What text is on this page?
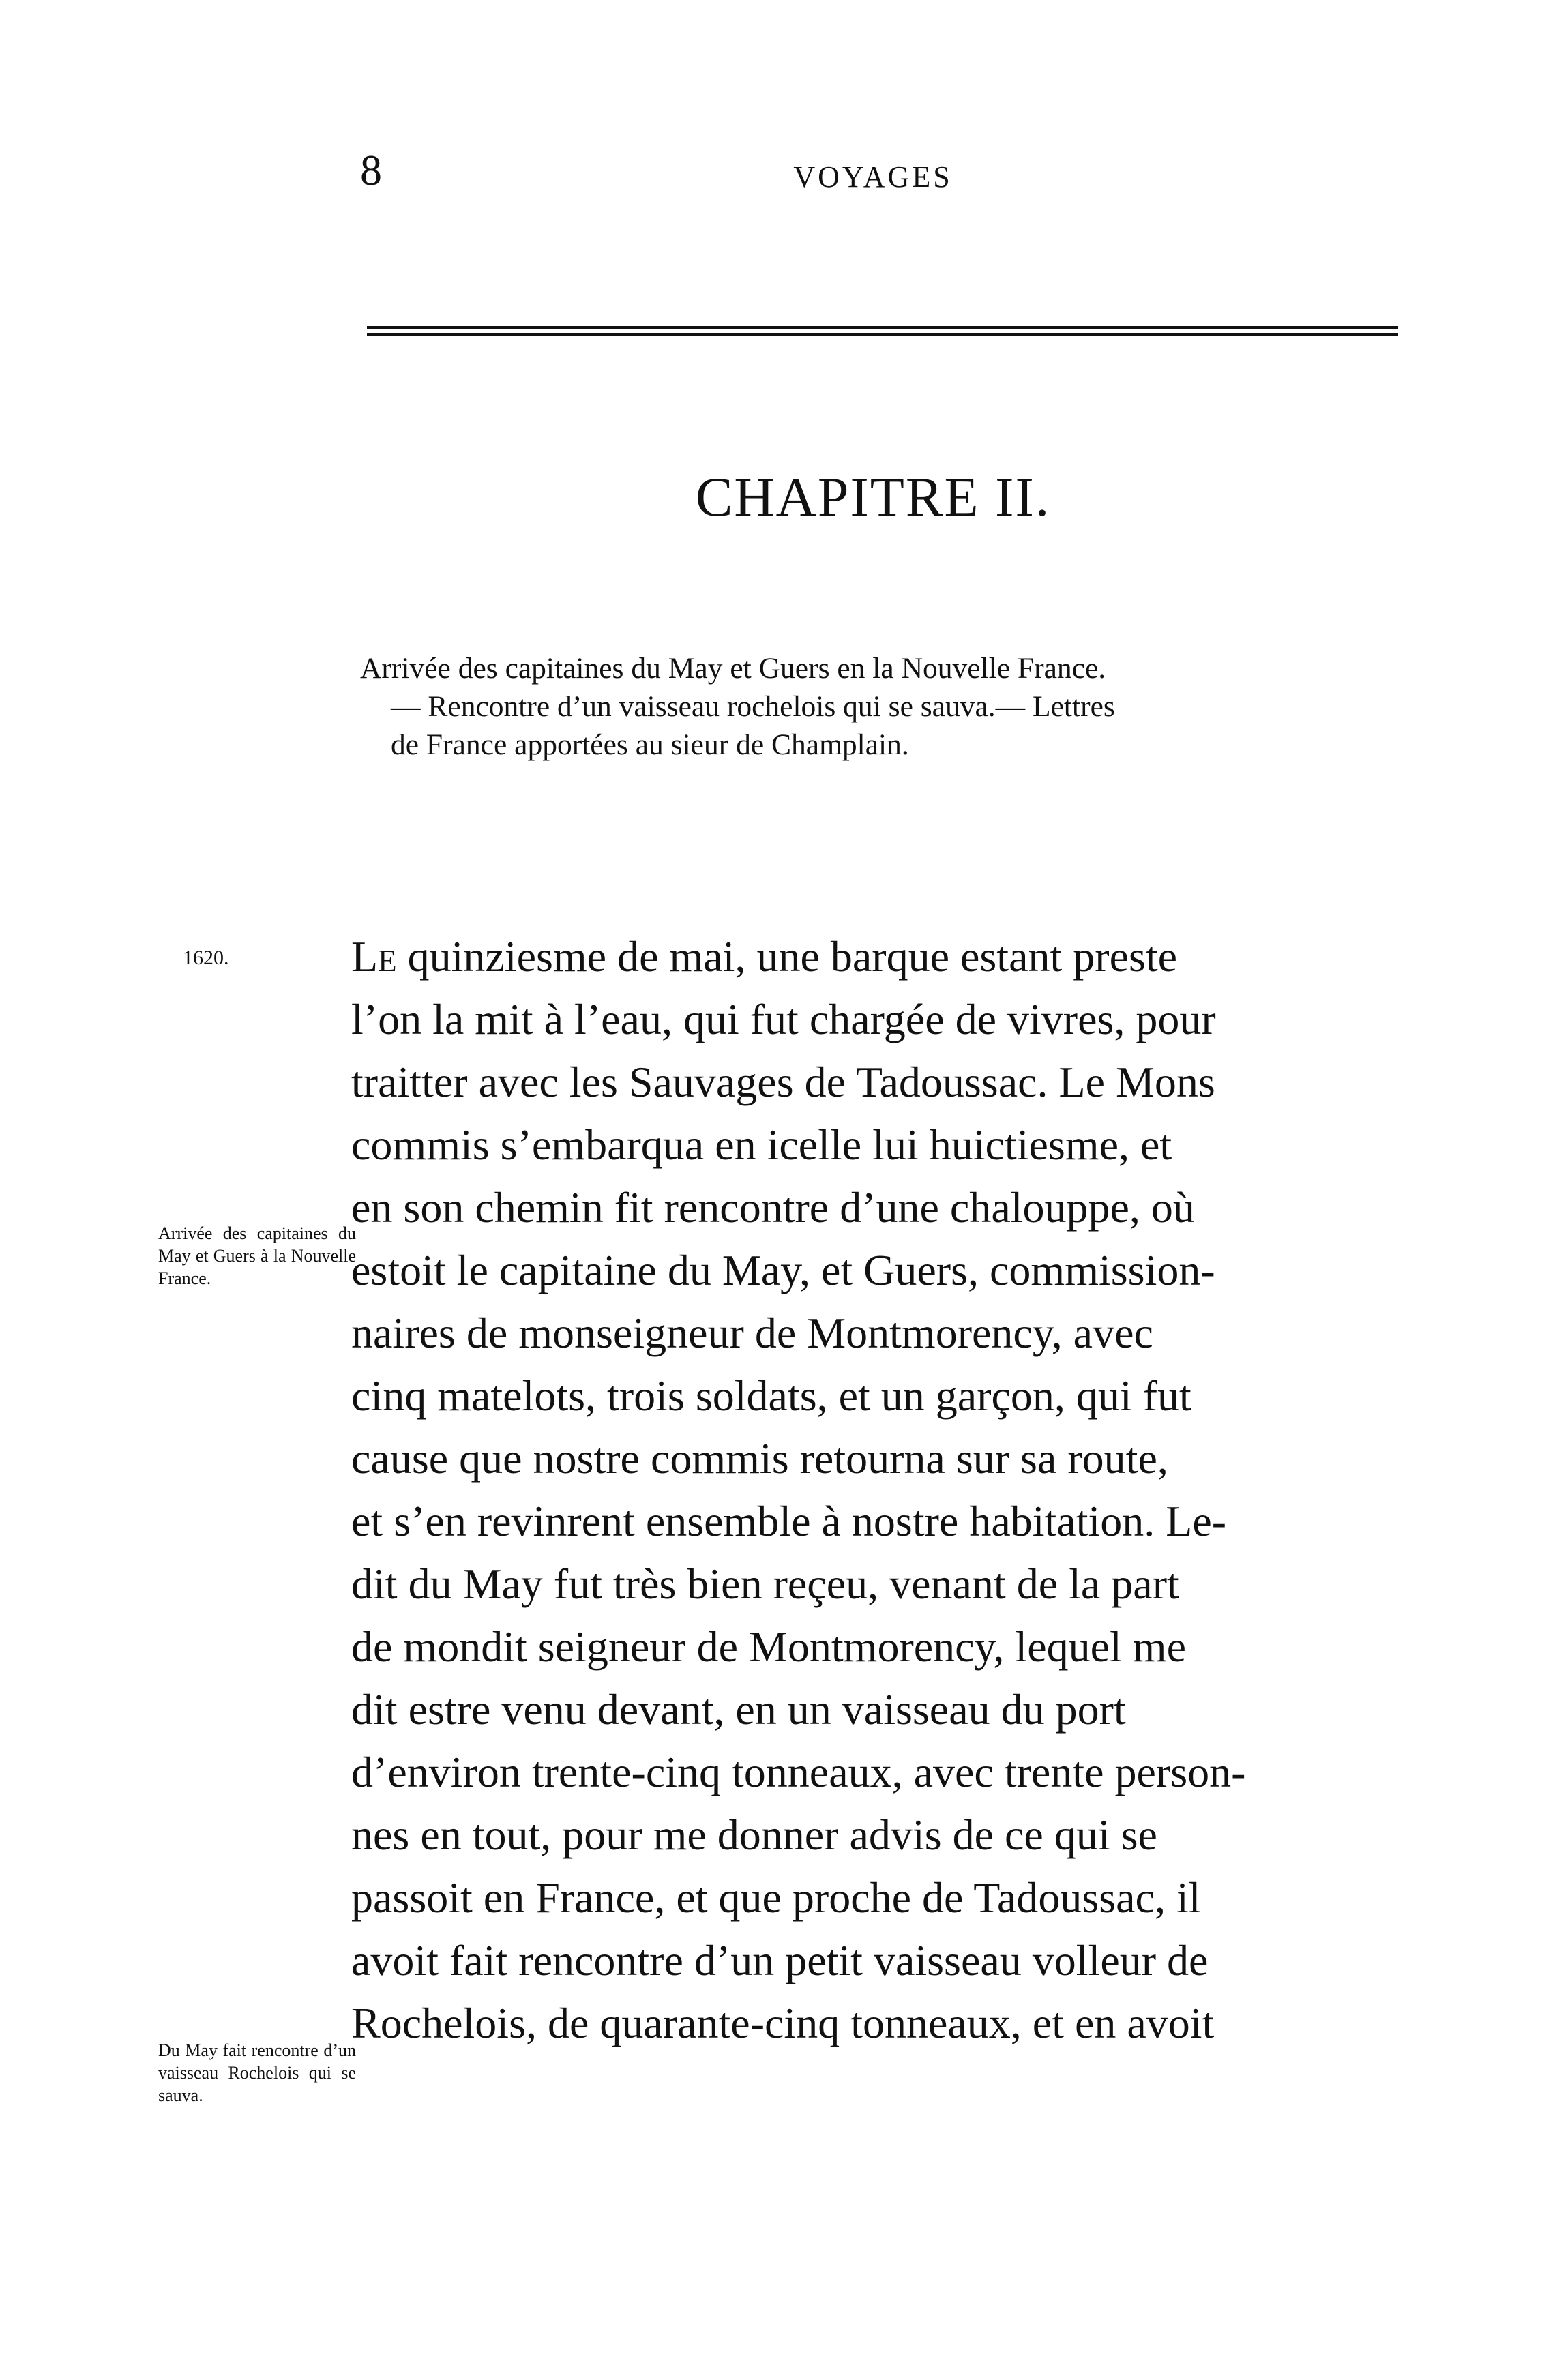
8	VOYAGES
CHAPITRE II.
Arrivée des capitaines du May et Guers en la Nouvelle France.
— Rencontre d’un vaisseau rochelois qui se sauva.— Lettres
de France apportées au sieur de Champlain.
1620.
Arrivée des capitaines du May et Guers à la Nouvelle France.
Du May fait rencontre d’un vaisseau Rochelois qui se sauva.
Le quinziesme de mai, une barque estant preste
l’on la mit à l’eau, qui fut chargée de vivres, pour
traitter avec les Sauvages de Tadoussac. Le Mons
commis s’embarqua en icelle lui huictiesme, et
en son chemin fit rencontre d’une chalouppe, où
estoit le capitaine du May, et Guers, commission-
naires de monseigneur de Montmorency, avec
cinq matelots, trois soldats, et un garçon, qui fut
cause que nostre commis retourna sur sa route,
et s’en revinrent ensemble à nostre habitation. Le-
dit du May fut très bien reçeu, venant de la part
de mondit seigneur de Montmorency, lequel me
dit estre venu devant, en un vaisseau du port
d’environ trente-cinq tonneaux, avec trente person-
nes en tout, pour me donner advis de ce qui se
passoit en France, et que proche de Tadoussac, il
avoit fait rencontre d’un petit vaisseau volleur de
Rochelois, de quarante-cinq tonneaux, et en avoit
